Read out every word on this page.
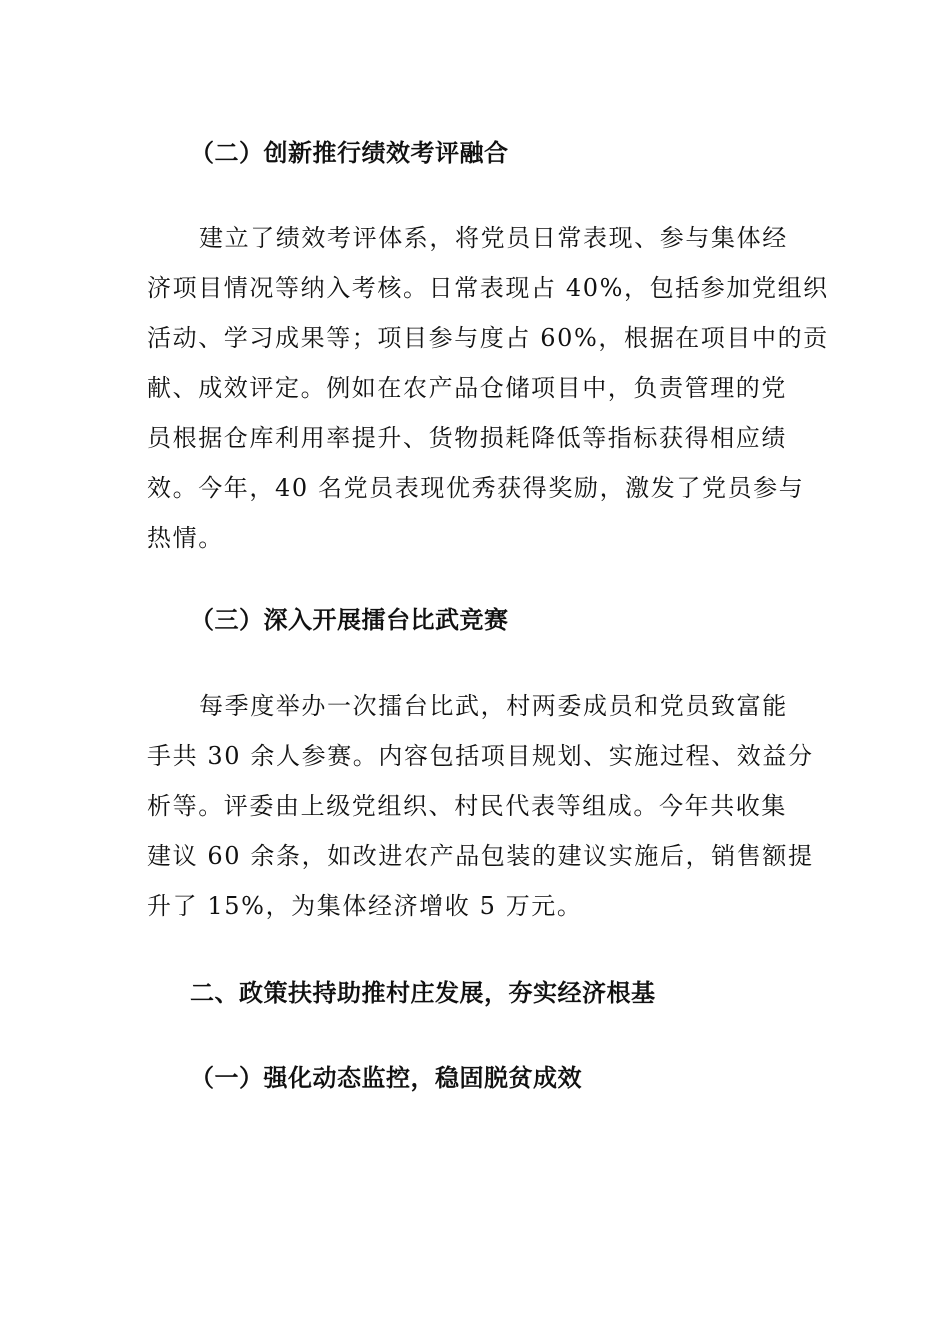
（二）创新推行绩效考评融合
建立了绩效考评体系，将党员日常表现、参与集体经
济项目情况等纳入考核。日常表现占 40%，包括参加党组织
活动、学习成果等；项目参与度占 60%，根据在项目中的贡
献、成效评定。例如在农产品仓储项目中，负责管理的党
员根据仓库利用率提升、货物损耗降低等指标获得相应绩
效。今年，40 名党员表现优秀获得奖励，激发了党员参与
热情。
（三）深入开展擂台比武竞赛
每季度举办一次擂台比武，村两委成员和党员致富能
手共 30 余人参赛。内容包括项目规划、实施过程、效益分
析等。评委由上级党组织、村民代表等组成。今年共收集
建议 60 余条，如改进农产品包装的建议实施后，销售额提
升了 15%，为集体经济增收 5 万元。
二、政策扶持助推村庄发展，夯实经济根基
（一）强化动态监控，稳固脱贫成效
